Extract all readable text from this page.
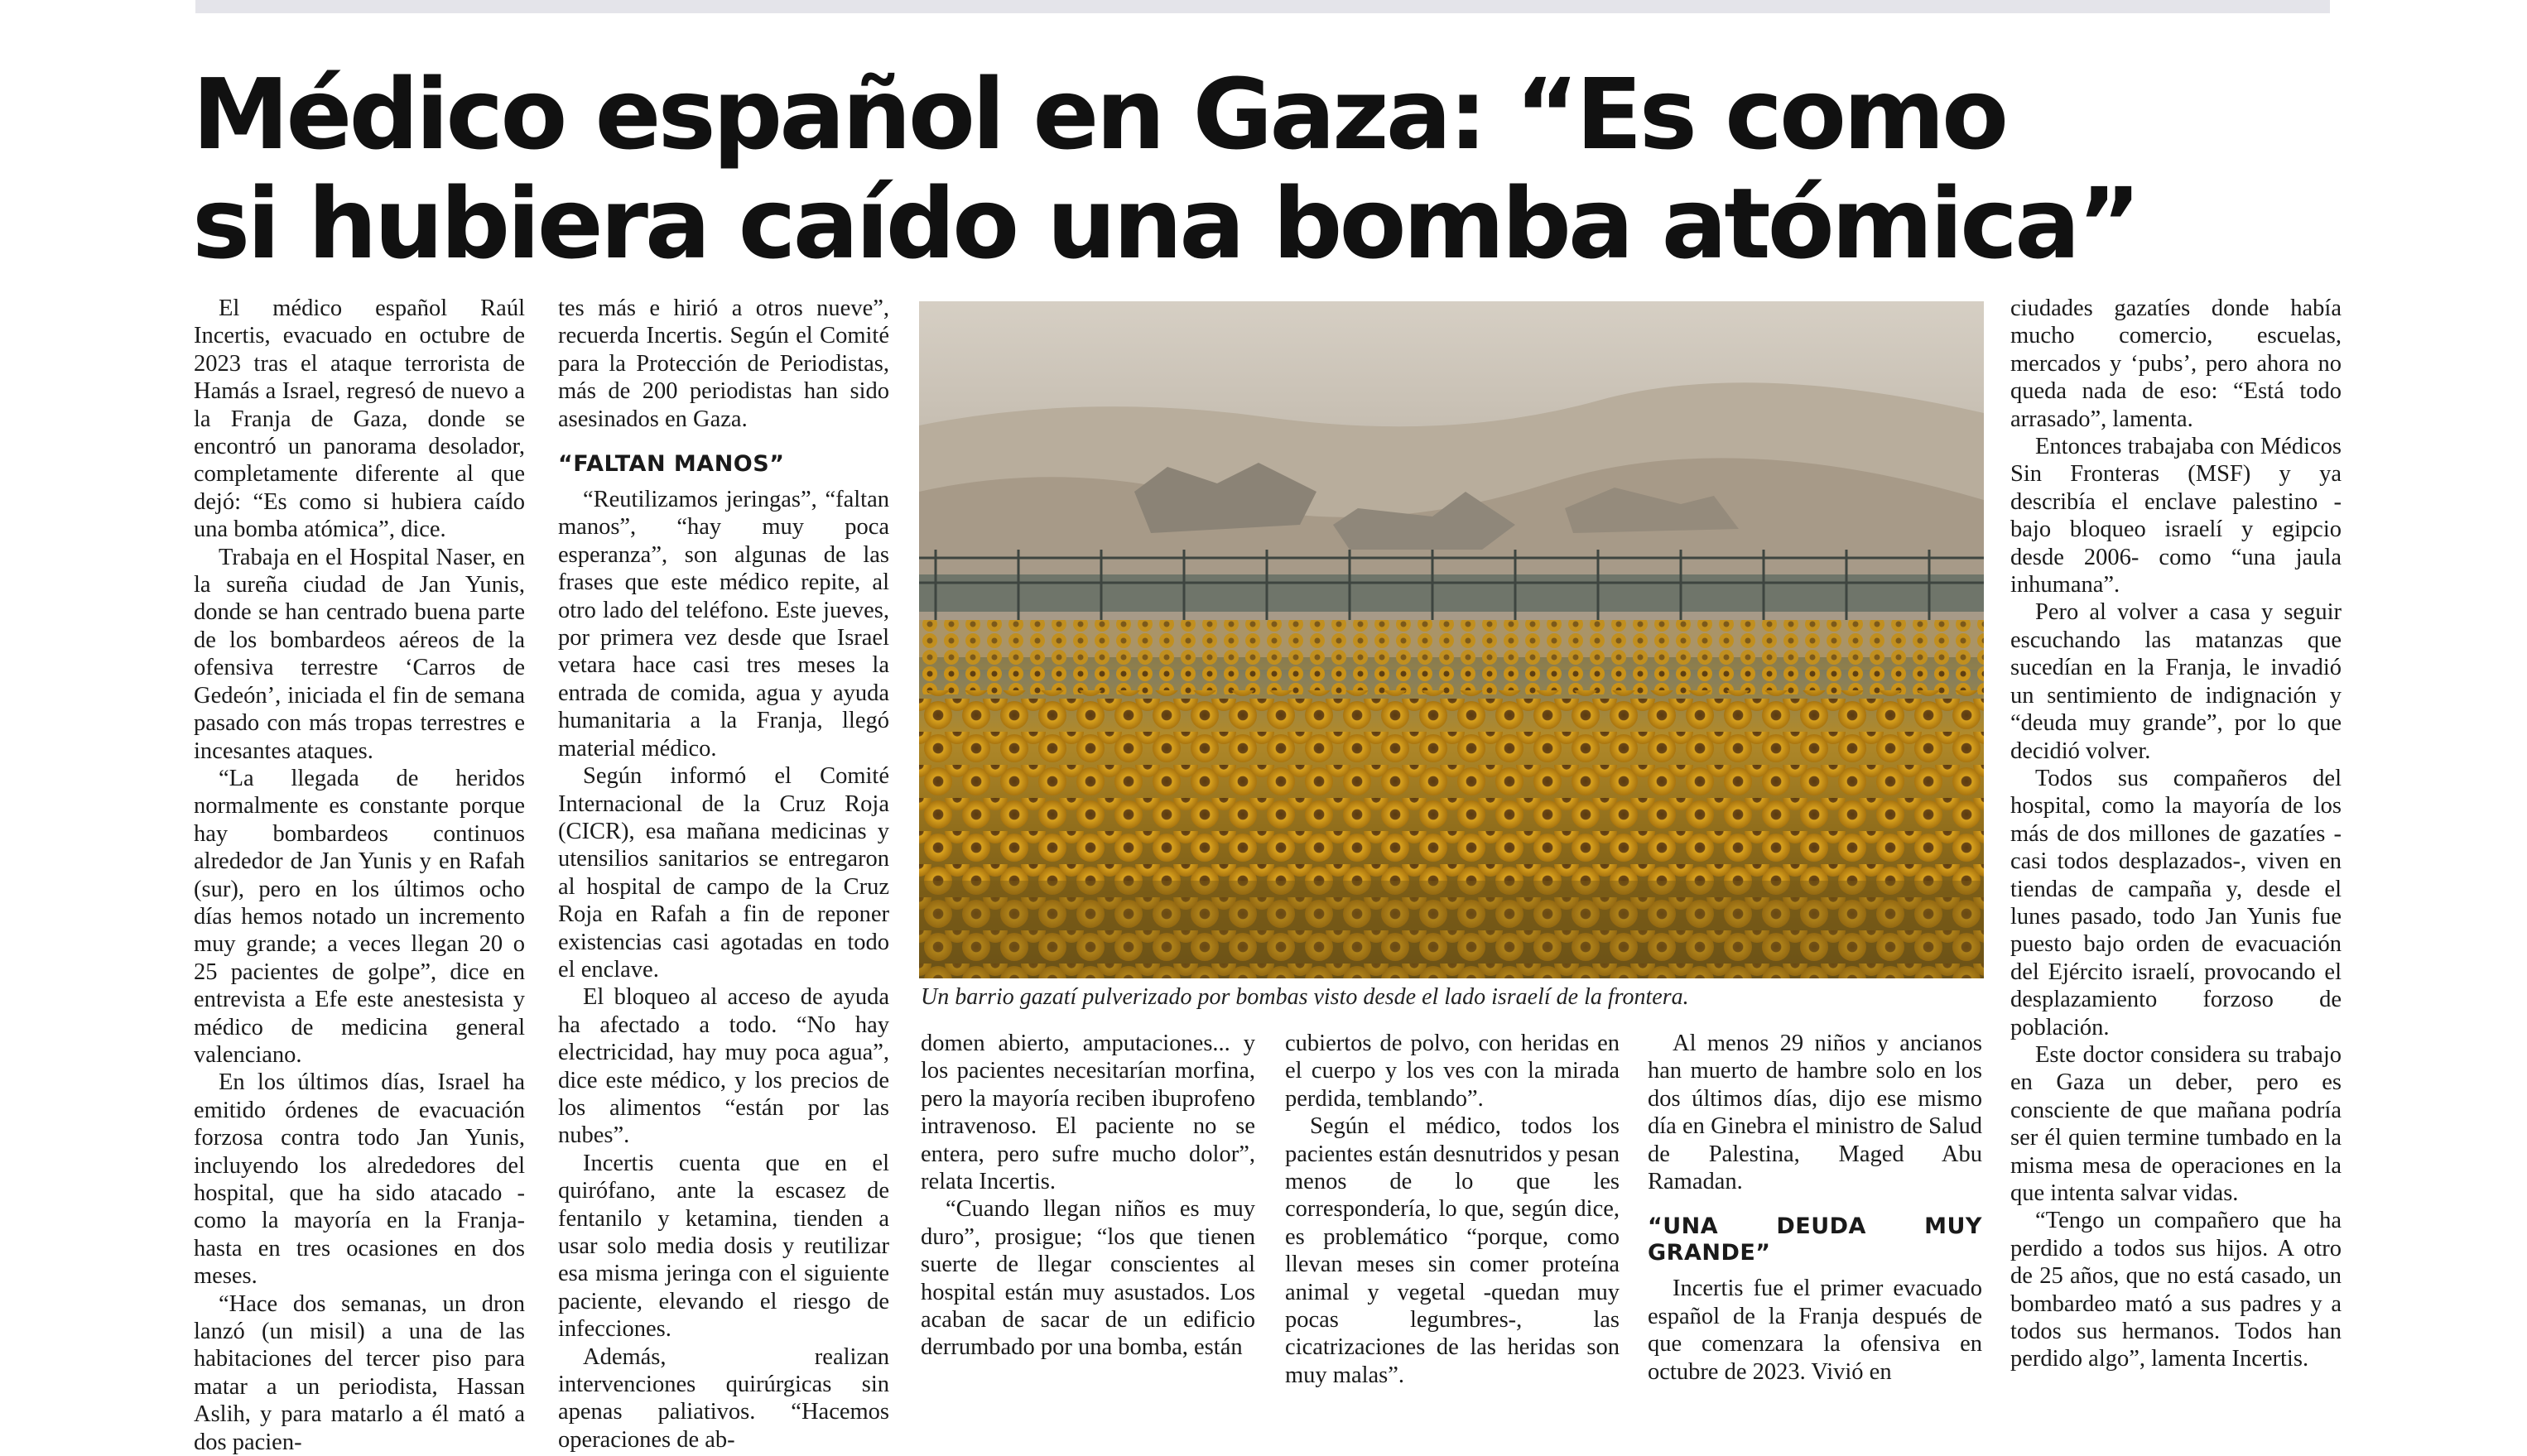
Médico español en Gaza: “Es como
si hubiera caído una bomba atómica”

El médico español Raúl Incertis, evacuado en octubre de 2023 tras el ataque terrorista de Hamás a Israel, regresó de nuevo a la Franja de Gaza, donde se encontró un panorama desolador, completamente diferente al que dejó: “Es como si hubiera caído una bomba atómica”, dice.

Trabaja en el Hospital Naser, en la sureña ciudad de Jan Yunis, donde se han centrado buena parte de los bombardeos aéreos de la ofensiva terrestre ‘Carros de Gedeón’, iniciada el fin de semana pasado con más tropas terrestres e incesantes ataques.

“La llegada de heridos normalmente es constante porque hay bombardeos continuos alrededor de Jan Yunis y en Rafah (sur), pero en los últimos ocho días hemos notado un incremento muy grande; a veces llegan 20 o 25 pacientes de golpe”, dice en entrevista a Efe este anestesista y médico de medicina general valenciano.

En los últimos días, Israel ha emitido órdenes de evacuación forzosa contra todo Jan Yunis, incluyendo los alrededores del hospital, que ha sido atacado -como la mayoría en la Franja- hasta en tres ocasiones en dos meses.

“Hace dos semanas, un dron lanzó (un misil) a una de las habitaciones del tercer piso para matar a un periodista, Hassan Aslih, y para matarlo a él mató a dos pacien-

tes más e hirió a otros nueve”, recuerda Incertis. Según el Comité para la Protección de Periodistas, más de 200 periodistas han sido asesinados en Gaza.

“FALTAN MANOS”

“Reutilizamos jeringas”, “faltan manos”, “hay muy poca esperanza”, son algunas de las frases que este médico repite, al otro lado del teléfono. Este jueves, por primera vez desde que Israel vetara hace casi tres meses la entrada de comida, agua y ayuda humanitaria a la Franja, llegó material médico.

Según informó el Comité Internacional de la Cruz Roja (CICR), esa mañana medicinas y utensilios sanitarios se entregaron al hospital de campo de la Cruz Roja en Rafah a fin de reponer existencias casi agotadas en todo el enclave.

El bloqueo al acceso de ayuda ha afectado a todo. “No hay electricidad, hay muy poca agua”, dice este médico, y los precios de los alimentos “están por las nubes”.

Incertis cuenta que en el quirófano, ante la escasez de fentanilo y ketamina, tienden a usar solo media dosis y reutilizar esa misma jeringa con el siguiente paciente, elevando el riesgo de infecciones.

Además, realizan intervenciones quirúrgicas sin apenas paliativos. “Hacemos operaciones de ab-

Un barrio gazatí pulverizado por bombas visto desde el lado israelí de la frontera.

domen abierto, amputaciones... y los pacientes necesitarían morfina, pero la mayoría reciben ibuprofeno intravenoso. El paciente no se entera, pero sufre mucho dolor”, relata Incertis.

“Cuando llegan niños es muy duro”, prosigue; “los que tienen suerte de llegar conscientes al hospital están muy asustados. Los acaban de sacar de un edificio derrumbado por una bomba, están

cubiertos de polvo, con heridas en el cuerpo y los ves con la mirada perdida, temblando”.

Según el médico, todos los pacientes están desnutridos y pesan menos de lo que les correspondería, lo que, según dice, es problemático “porque, como llevan meses sin comer proteína animal y vegetal -quedan muy pocas legumbres-, las cicatrizaciones de las heridas son muy malas”.

Al menos 29 niños y ancianos han muerto de hambre solo en los dos últimos días, dijo ese mismo día en Ginebra el ministro de Salud de Palestina, Maged Abu Ramadan.

“UNA DEUDA MUY GRANDE”

Incertis fue el primer evacuado español de la Franja después de que comenzara la ofensiva en octubre de 2023. Vivió en

ciudades gazatíes donde había mucho comercio, escuelas, mercados y ‘pubs’, pero ahora no queda nada de eso: “Está todo arrasado”, lamenta.

Entonces trabajaba con Médicos Sin Fronteras (MSF) y ya describía el enclave palestino -bajo bloqueo israelí y egipcio desde 2006- como “una jaula inhumana”.

Pero al volver a casa y seguir escuchando las matanzas que sucedían en la Franja, le invadió un sentimiento de indignación y “deuda muy grande”, por lo que decidió volver.

Todos sus compañeros del hospital, como la mayoría de los más de dos millones de gazatíes -casi todos desplazados-, viven en tiendas de campaña y, desde el lunes pasado, todo Jan Yunis fue puesto bajo orden de evacuación del Ejército israelí, provocando el desplazamiento forzoso de población.

Este doctor considera su trabajo en Gaza un deber, pero es consciente de que mañana podría ser él quien termine tumbado en la misma mesa de operaciones en la que intenta salvar vidas.

“Tengo un compañero que ha perdido a todos sus hijos. A otro de 25 años, que no está casado, un bombardeo mató a sus padres y a todos sus hermanos. Todos han perdido algo”, lamenta Incertis.
